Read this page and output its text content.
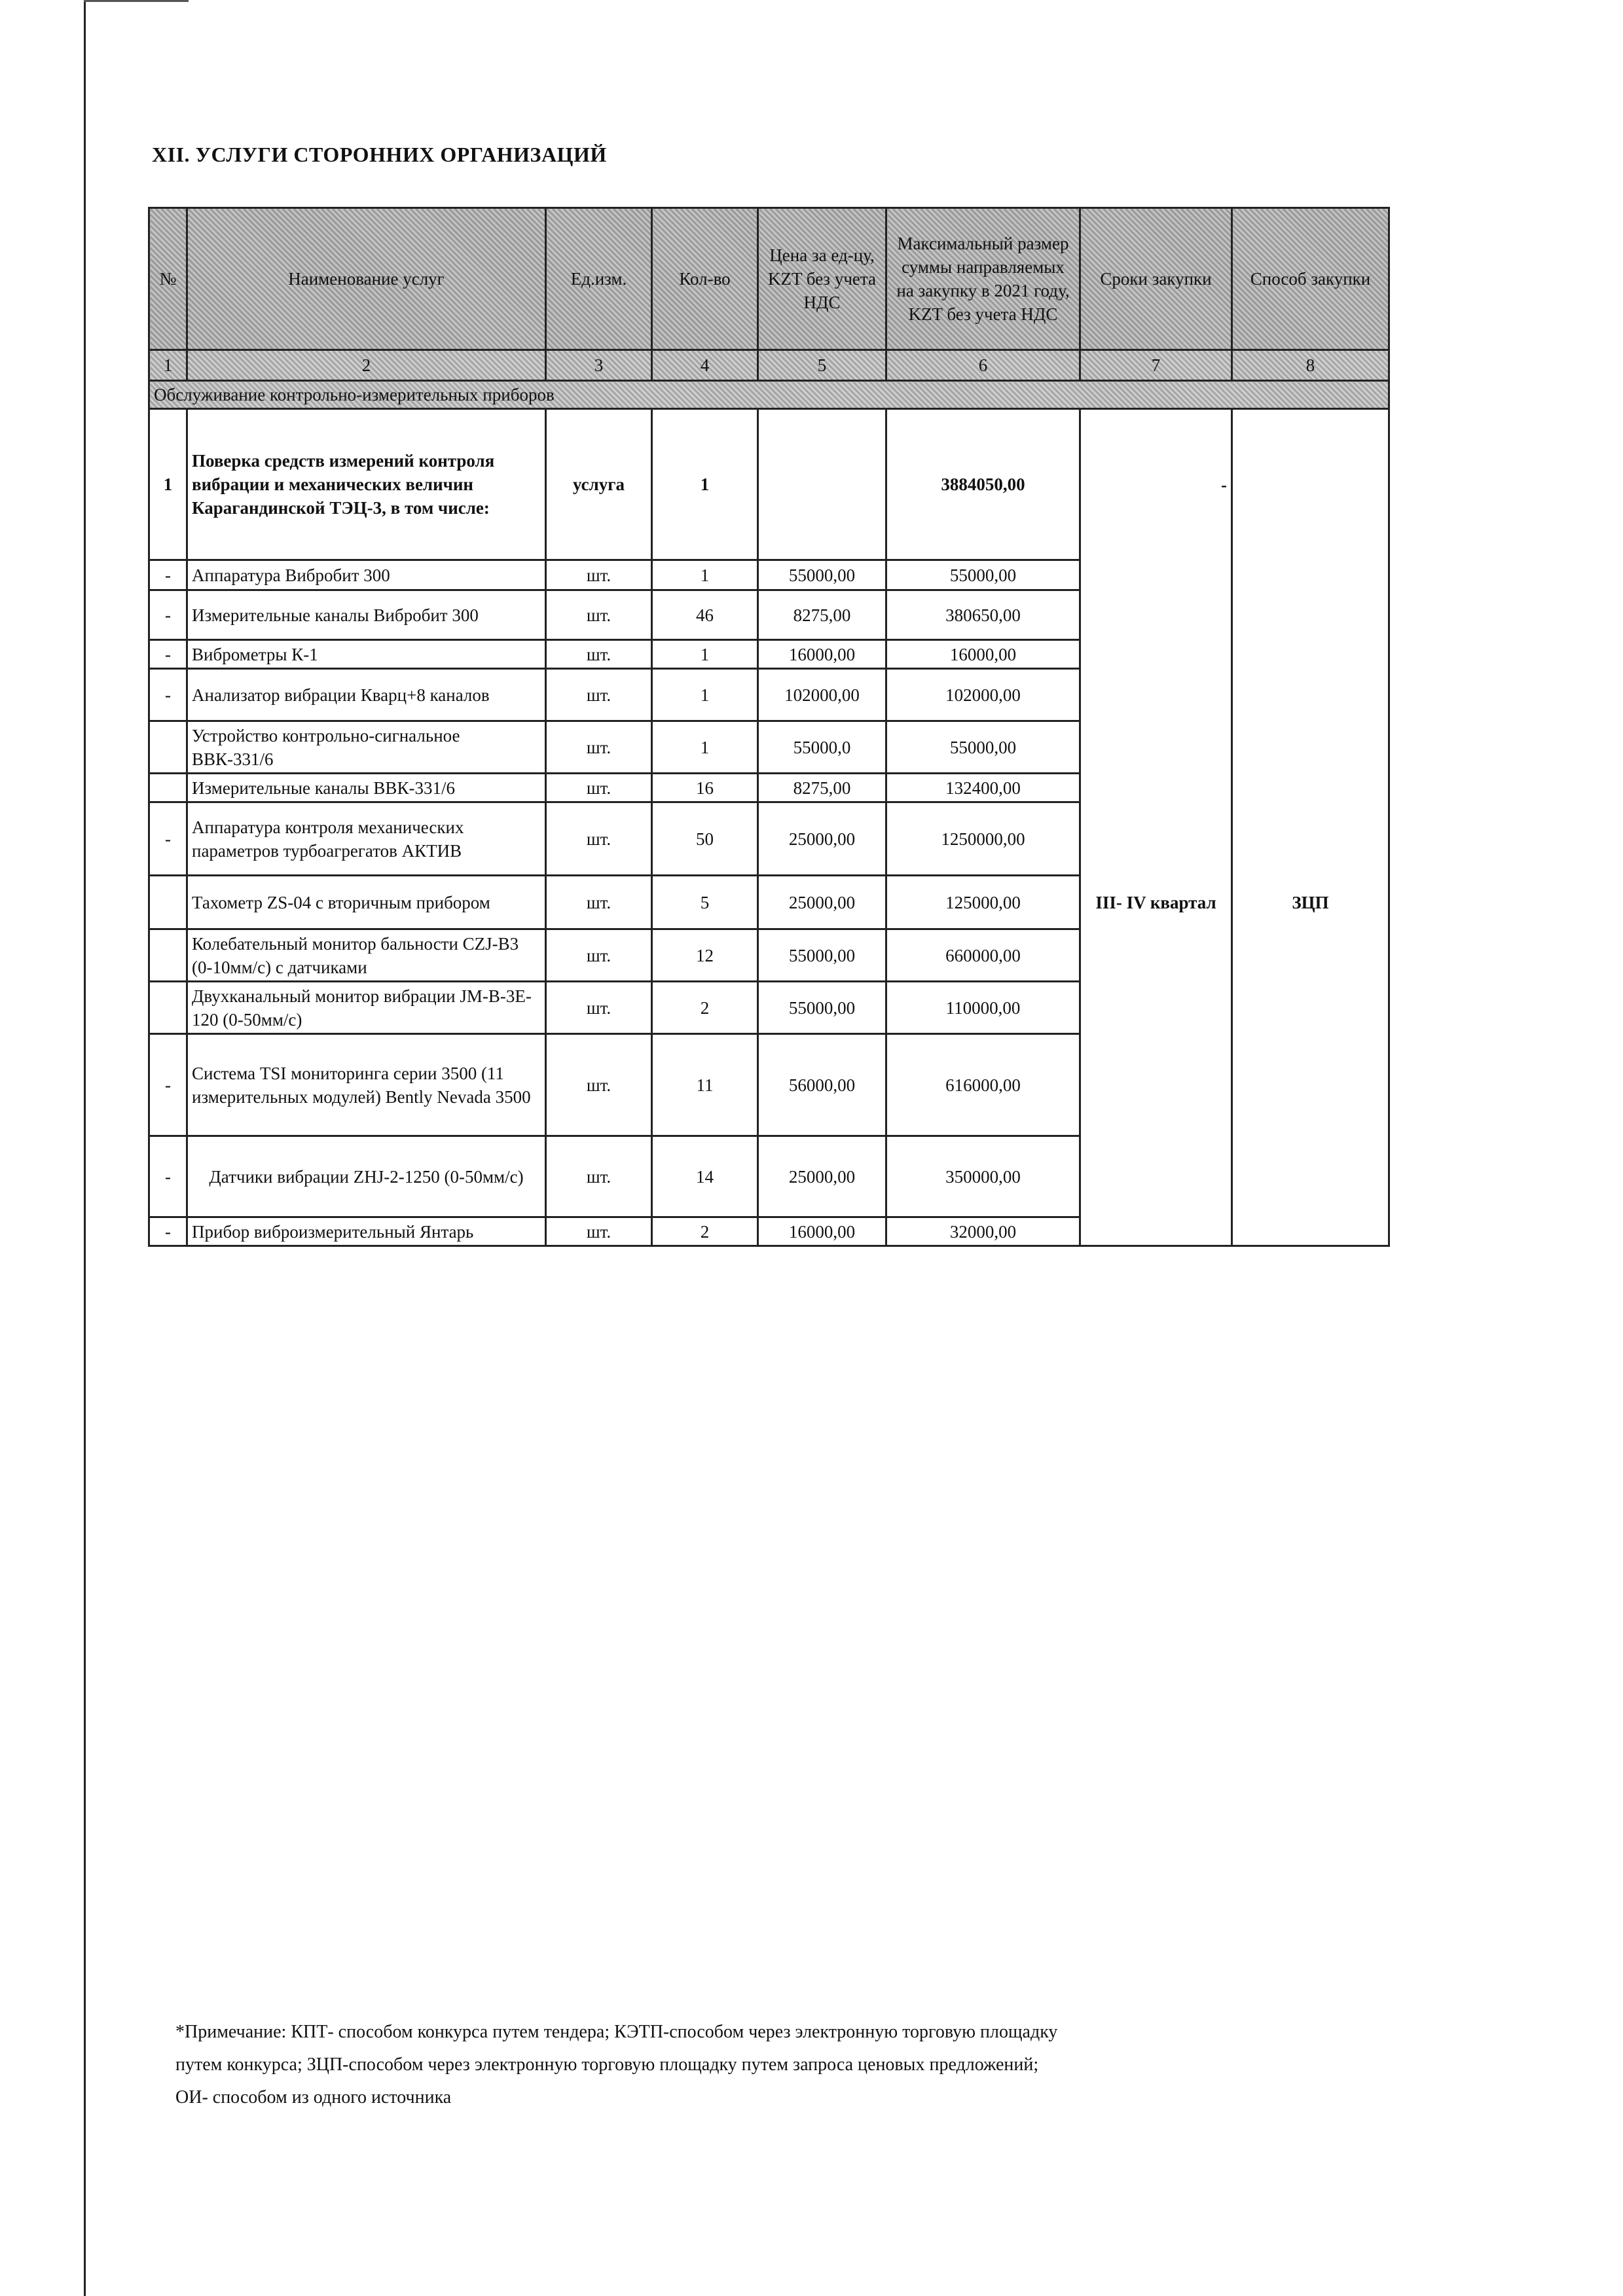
XII. УСЛУГИ СТОРОННИХ ОРГАНИЗАЦИЙ
№	Наименование услуг	Ед.изм.	Кол-во	Цена за ед-цу, KZT без учета НДС	Максимальный размер суммы направляемых на закупку в 2021 году, KZT без учета НДС	Сроки закупки	Способ закупки
1	2	3	4	5	6	7	8
Обслуживание контрольно-измерительных приборов							
1	Поверка средств измерений контроля вибрации и механических величин Карагандинской ТЭЦ-3, в том числе:	услуга	1		3884050,00	-	
-	Аппаратура Вибробит 300	шт.	1	55000,00	55000,00	III- IV квартал	ЗЦП
-	Измерительные каналы Вибробит 300	шт.	46	8275,00	380650,00		
-	Виброметры К-1	шт.	1	16000,00	16000,00		
-	Анализатор вибрации Кварц+8 каналов	шт.	1	102000,00	102000,00		
	Устройство контрольно-сигнальное ВВК-331/6	шт.	1	55000,0	55000,00		
	Измерительные каналы ВВК-331/6	шт.	16	8275,00	132400,00		
-	Аппаратура контроля механических параметров турбоагрегатов АКТИВ	шт.	50	25000,00	1250000,00		
	Тахометр ZS-04 с вторичным прибором	шт.	5	25000,00	125000,00		
	Колебательный монитор бальности CZJ-B3 (0-10мм/с) с датчиками	шт.	12	55000,00	660000,00		
	Двухканальный монитор вибрации JM-B-3E-120 (0-50мм/с)	шт.	2	55000,00	110000,00		
-	Система TSI мониторинга серии 3500 (11 измерительных модулей) Bently Nevada 3500	шт.	11	56000,00	616000,00		
-	Датчики вибрации ZHJ-2-1250 (0-50мм/с)	шт.	14	25000,00	350000,00		
-	Прибор виброизмерительный Янтарь	шт.	2	16000,00	32000,00		
*Примечание: КПТ- способом конкурса путем тендера; КЭТП-способом через электронную торговую площадку
путем конкурса; ЗЦП-способом через электронную торговую площадку путем запроса ценовых предложений;
ОИ- способом из одного источника
